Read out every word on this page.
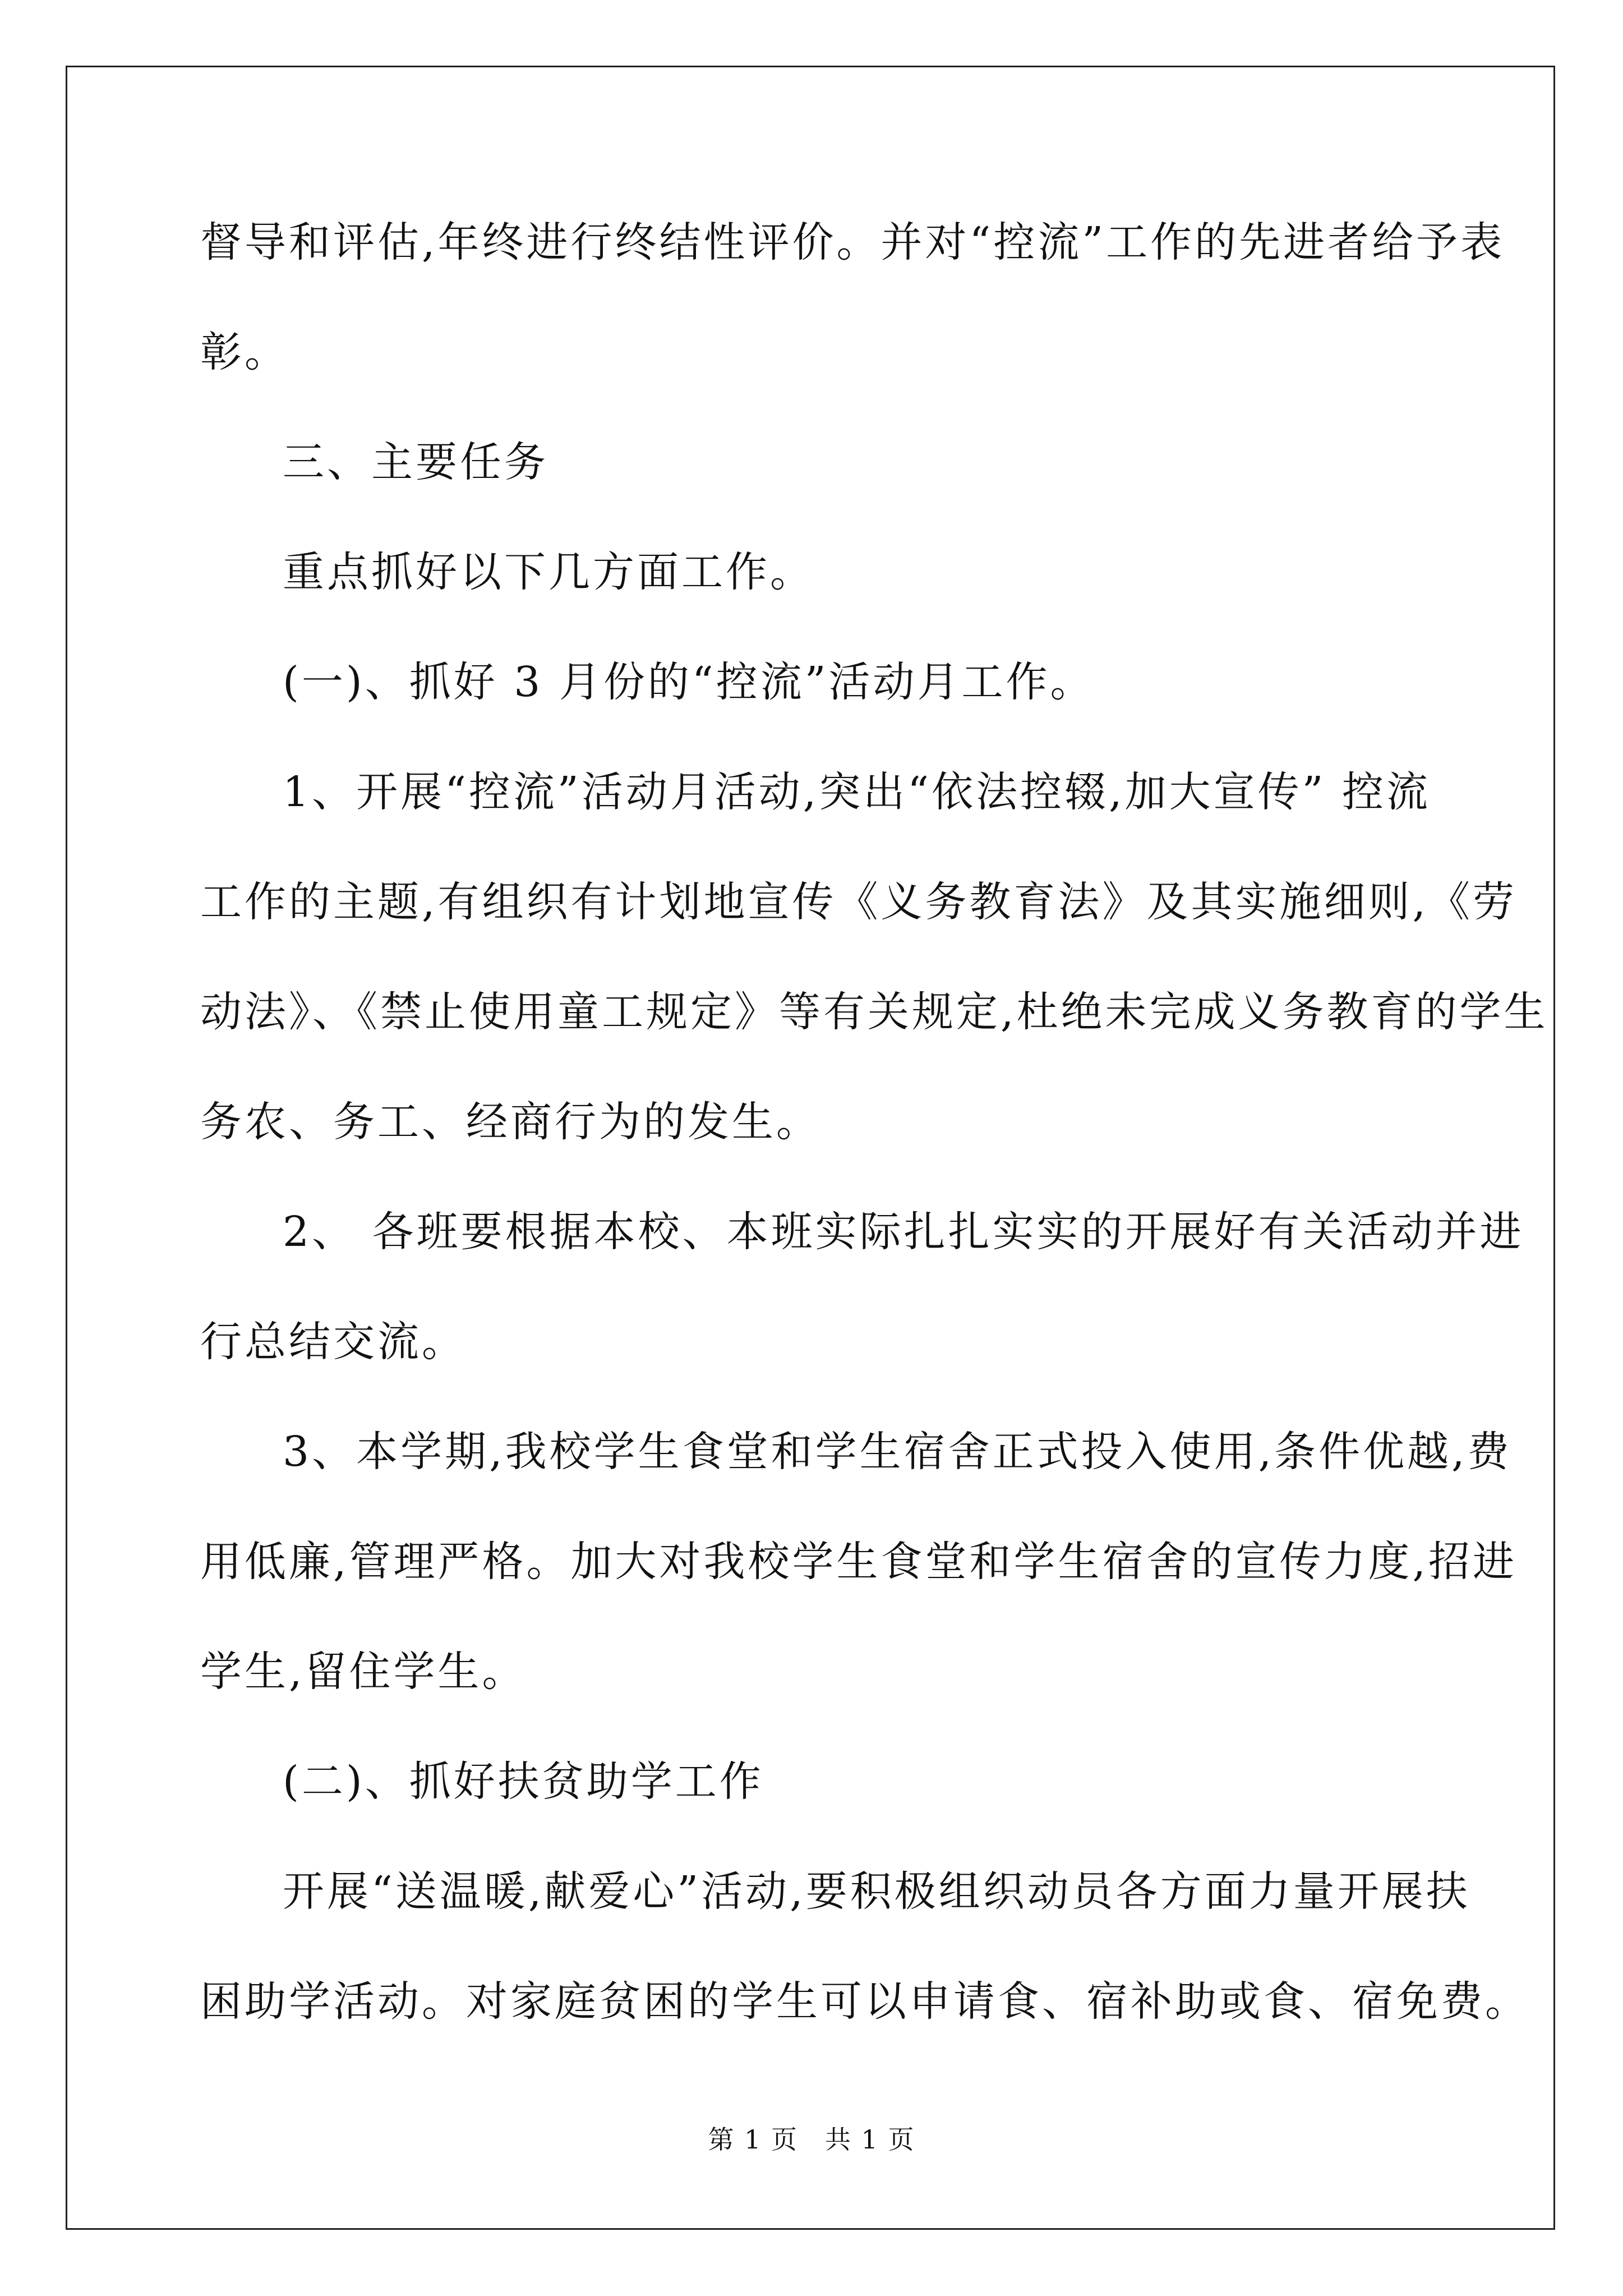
督导和评估,年终进行终结性评价。并对“控流”工作的先进者给予表
彰。
三、主要任务
重点抓好以下几方面工作。
(一)、抓好 3 月份的“控流”活动月工作。
1、开展“控流”活动月活动,突出“依法控辍,加大宣传” 控流
工作的主题,有组织有计划地宣传《义务教育法》及其实施细则,《劳
动法》、《禁止使用童工规定》等有关规定,杜绝未完成义务教育的学生
务农、务工、经商行为的发生。
2、 各班要根据本校、本班实际扎扎实实的开展好有关活动并进
行总结交流。
3、本学期,我校学生食堂和学生宿舍正式投入使用,条件优越,费
用低廉,管理严格。加大对我校学生食堂和学生宿舍的宣传力度,招进
学生,留住学生。
(二)、抓好扶贫助学工作
开展“送温暖,献爱心”活动,要积极组织动员各方面力量开展扶
困助学活动。对家庭贫困的学生可以申请食、宿补助或食、宿免费。
第 1 页　共 1 页
